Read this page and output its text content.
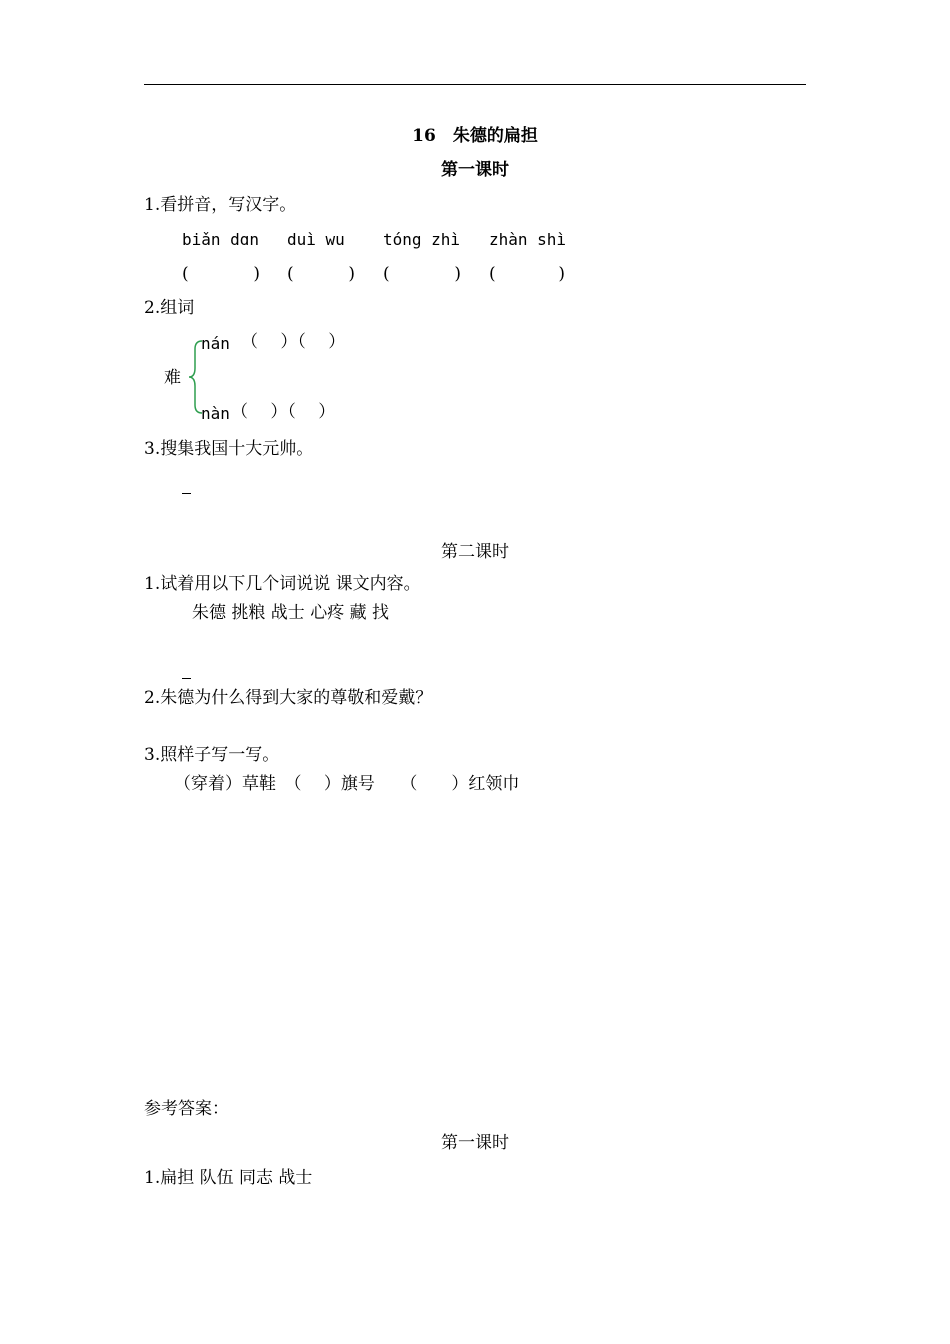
16　朱德的扁担
第一课时
1.看拼音，写汉字。
biǎn dɑn duì wu tóng zhì zhàn shì
(	) (	) (	) (	)
2.组词
nán （　 ）（　 ）
难
nàn （　 ）（　 ）
3.搜集我国十大元帅。
第二课时
1.试着用以下几个词说说 课文内容。
朱德 挑粮 战士 心疼 藏 找
2.朱德为什么得到大家的尊敬和爱戴？
3.照样子写一写。
（穿着）草鞋　（　 ）旗号　　（　　）红领巾
参考答案：
第一课时
1.扁担 队伍 同志 战士
